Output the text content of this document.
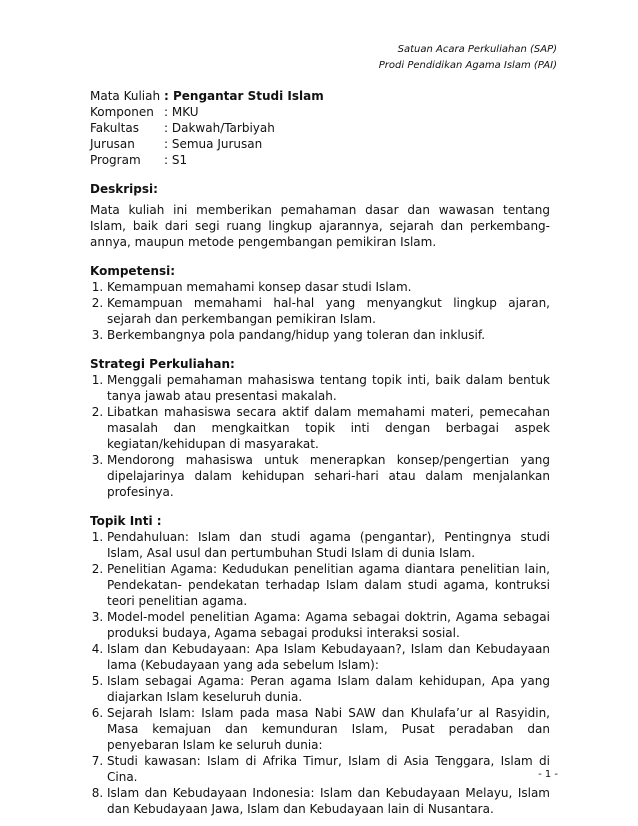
Satuan Acara Perkuliahan (SAP)
Prodi Pendidikan Agama Islam (PAI)
Mata Kuliah	: Pengantar Studi Islam
Komponen	: MKU
Fakultas	: Dakwah/Tarbiyah
Jurusan	: Semua Jurusan
Program	: S1
Deskripsi:

Mata kuliah ini memberikan pemahaman dasar dan wawasan tentang Islam, baik dari segi ruang lingkup ajarannya, sejarah dan perkembang-annya, maupun metode pengembangan pemikiran Islam.

Kompetensi:
1. Kemampuan memahami konsep dasar studi Islam.
2. Kemampuan memahami hal-hal yang menyangkut lingkup ajaran, sejarah dan perkembangan pemikiran Islam.
3. Berkembangnya pola pandang/hidup yang toleran dan inklusif.
Strategi Perkuliahan:
1. Menggali pemahaman mahasiswa tentang topik inti, baik dalam bentuk tanya jawab atau presentasi makalah.
2. Libatkan mahasiswa secara aktif dalam memahami materi, pemecahan masalah dan mengkaitkan topik inti dengan berbagai aspek kegiatan/kehidupan di masyarakat.
3. Mendorong mahasiswa untuk menerapkan konsep/pengertian yang dipelajarinya dalam kehidupan sehari-hari atau dalam menjalankan profesinya.
Topik Inti :
1. Pendahuluan: Islam dan studi agama (pengantar), Pentingnya studi Islam, Asal usul dan pertumbuhan Studi Islam di dunia Islam.
2. Penelitian Agama: Kedudukan penelitian agama diantara penelitian lain, Pendekatan- pendekatan terhadap Islam dalam studi agama, kontruksi teori penelitian agama.
3. Model-model penelitian Agama: Agama sebagai doktrin, Agama sebagai produksi budaya, Agama sebagai produksi interaksi sosial.
4. Islam dan Kebudayaan: Apa Islam Kebudayaan?, Islam dan Kebudayaan lama (Kebudayaan yang ada sebelum Islam):
5. Islam sebagai Agama: Peran agama Islam dalam kehidupan, Apa yang diajarkan Islam keseluruh dunia.
6. Sejarah Islam: Islam pada masa Nabi SAW dan Khulafa’ur al Rasyidin, Masa kemajuan dan kemunduran Islam, Pusat peradaban dan penyebaran Islam ke seluruh dunia:
7. Studi kawasan: Islam di Afrika Timur, Islam di Asia Tenggara, Islam di Cina.
8. Islam dan Kebudayaan Indonesia: Islam dan Kebudayaan Melayu, Islam dan Kebudayaan Jawa, Islam dan Kebudayaan lain di Nusantara.
- 1 -
